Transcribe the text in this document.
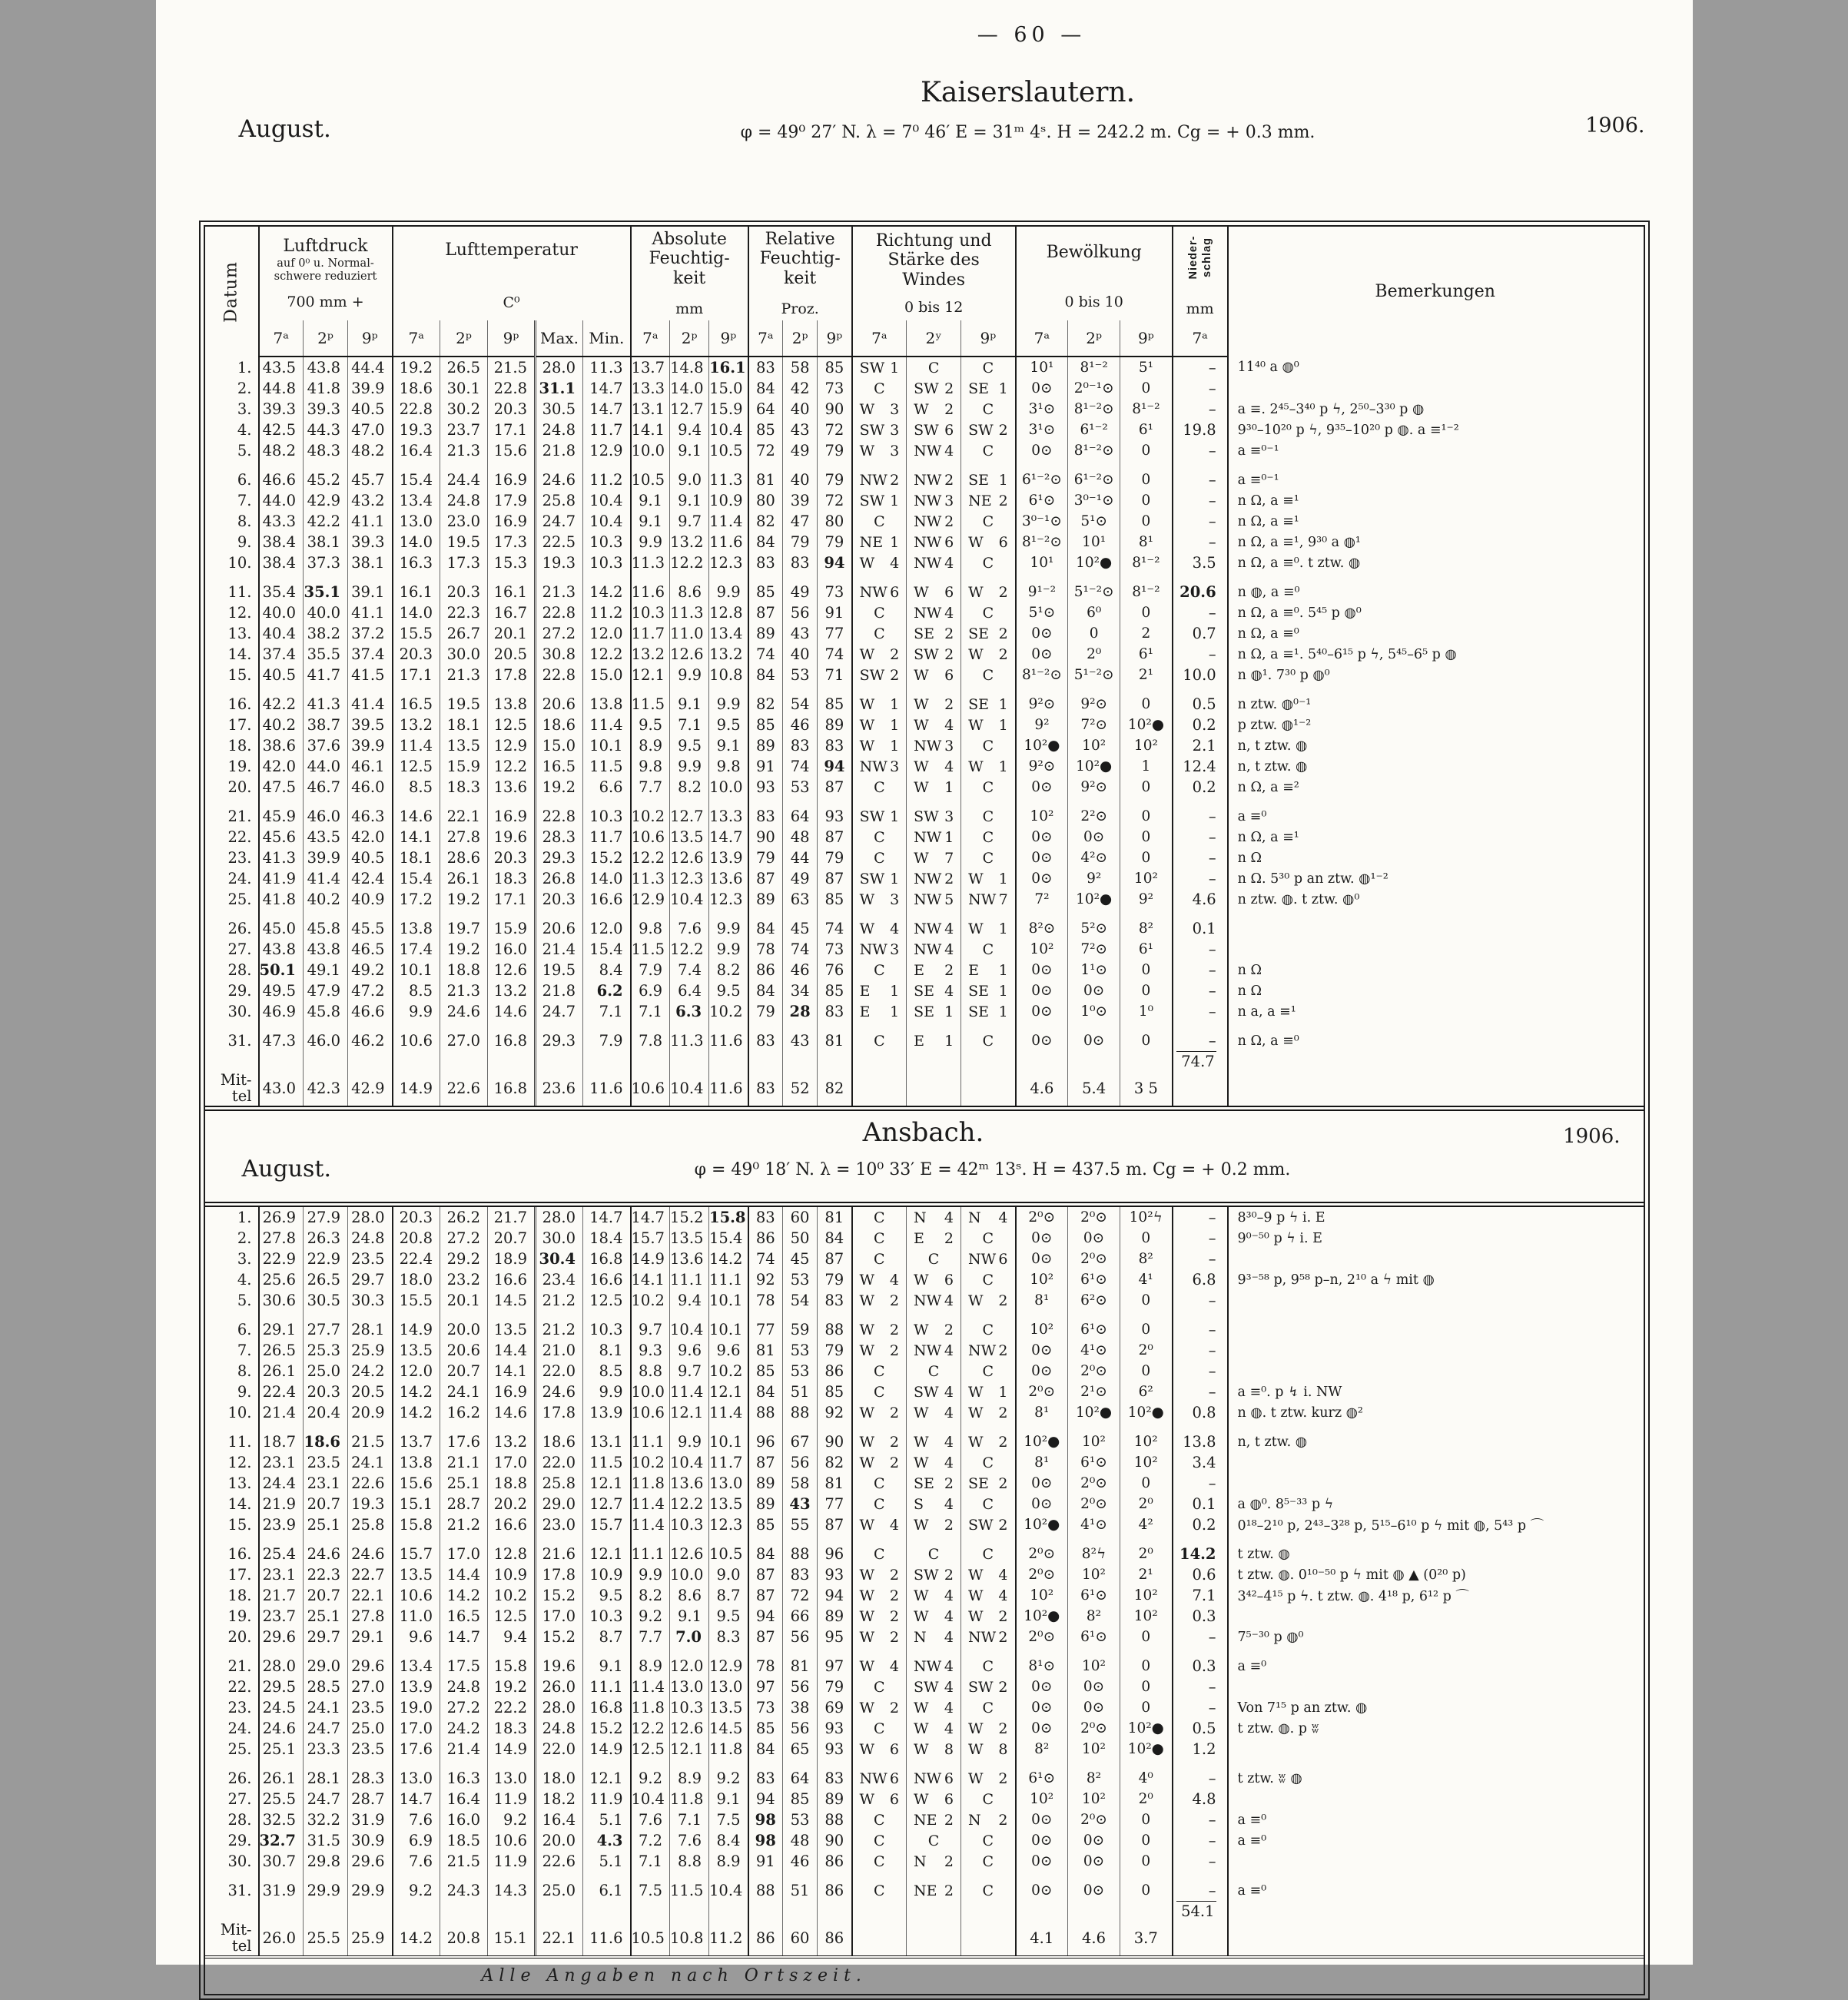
— 60 —
Kaiserslautern.
August.	φ = 49⁰ 27′ N. λ = 7⁰ 46′ E = 31ᵐ 4ˢ. H = 242.2 m. Cg = + 0.3 mm.	1906.
Datum

Luftdruck
auf 0⁰ u. Normal-schwere reduziert
700 mm +

Lufttemperatur
C⁰

Absolute Feuchtig- keit
mm

Relative Feuchtig- keit
Proz.

Richtung und Stärke des Windes
0 bis 12

Bewölkung
0 bis 10

Nieder- schlag
mm

Bemerkungen

	7ᵃ	2ᵖ	9ᵖ	7ᵃ	2ᵖ	9ᵖ	Max.	Min.	7ᵃ	2ᵖ	9ᵖ	7ᵃ	2ᵖ	9ᵖ	7ᵃ	2ʸ	9ᵖ	7ᵃ	2ᵖ	9ᵖ	7ᵃ	
1.	43.5	43.8	44.4	19.2	26.5	21.5	28.0	11.3	13.7	14.8	16.1	83	58	85	SW 1	C	C	10¹	8¹⁻²	5¹	–	11⁴⁰ a ◍⁰
2.	44.8	41.8	39.9	18.6	30.1	22.8	31.1	14.7	13.3	14.0	15.0	84	42	73	C	SW 2	SE 1	0⊙	2⁰⁻¹⊙	0	–	
3.	39.3	39.3	40.5	22.8	30.2	20.3	30.5	14.7	13.1	12.7	15.9	64	40	90	W 3	W 2	C	3¹⊙	8¹⁻²⊙	8¹⁻²	–	a ≡. 2⁴⁵–3⁴⁰ p ϟ, 2⁵⁰–3³⁰ p ◍
4.	42.5	44.3	47.0	19.3	23.7	17.1	24.8	11.7	14.1	9.4	10.4	85	43	72	SW 3	SW 6	SW 2	3¹⊙	6¹⁻²	6¹	19.8	9³⁰–10²⁰ p ϟ, 9³⁵–10²⁰ p ◍. a ≡¹⁻²
5.	48.2	48.3	48.2	16.4	21.3	15.6	21.8	12.9	10.0	9.1	10.5	72	49	79	W 3	NW 4	C	0⊙	8¹⁻²⊙	0	–	a ≡⁰⁻¹

6.	46.6	45.2	45.7	15.4	24.4	16.9	24.6	11.2	10.5	9.0	11.3	81	40	79	NW 2	NW 2	SE 1	6¹⁻²⊙	6¹⁻²⊙	0	–	a ≡⁰⁻¹
7.	44.0	42.9	43.2	13.4	24.8	17.9	25.8	10.4	9.1	9.1	10.9	80	39	72	SW 1	NW 3	NE 2	6¹⊙	3⁰⁻¹⊙	0	–	n Ω, a ≡¹
8.	43.3	42.2	41.1	13.0	23.0	16.9	24.7	10.4	9.1	9.7	11.4	82	47	80	C	NW 2	C	3⁰⁻¹⊙	5¹⊙	0	–	n Ω, a ≡¹
9.	38.4	38.1	39.3	14.0	19.5	17.3	22.5	10.3	9.9	13.2	11.6	84	79	79	NE 1	NW 6	W 6	8¹⁻²⊙	10¹	8¹	–	n Ω, a ≡¹, 9³⁰ a ◍¹
10.	38.4	37.3	38.1	16.3	17.3	15.3	19.3	10.3	11.3	12.2	12.3	83	83	94	W 4	NW 4	C	10¹	10²●	8¹⁻²	3.5	n Ω, a ≡⁰. t ztw. ◍

11.	35.4	35.1	39.1	16.1	20.3	16.1	21.3	14.2	11.6	8.6	9.9	85	49	73	NW 6	W 6	W 2	9¹⁻²	5¹⁻²⊙	8¹⁻²	20.6	n ◍, a ≡⁰
12.	40.0	40.0	41.1	14.0	22.3	16.7	22.8	11.2	10.3	11.3	12.8	87	56	91	C	NW 4	C	5¹⊙	6⁰	0	–	n Ω, a ≡⁰. 5⁴⁵ p ◍⁰
13.	40.4	38.2	37.2	15.5	26.7	20.1	27.2	12.0	11.7	11.0	13.4	89	43	77	C	SE 2	SE 2	0⊙	0	2	0.7	n Ω, a ≡⁰
14.	37.4	35.5	37.4	20.3	30.0	20.5	30.8	12.2	13.2	12.6	13.2	74	40	74	W 2	SW 2	W 2	0⊙	2⁰	6¹	–	n Ω, a ≡¹. 5⁴⁰–6¹⁵ p ϟ, 5⁴⁵–6⁵ p ◍
15.	40.5	41.7	41.5	17.1	21.3	17.8	22.8	15.0	12.1	9.9	10.8	84	53	71	SW 2	W 6	C	8¹⁻²⊙	5¹⁻²⊙	2¹	10.0	n ◍¹. 7³⁰ p ◍⁰

16.	42.2	41.3	41.4	16.5	19.5	13.8	20.6	13.8	11.5	9.1	9.9	82	54	85	W 1	W 2	SE 1	9²⊙	9²⊙	0	0.5	n ztw. ◍⁰⁻¹
17.	40.2	38.7	39.5	13.2	18.1	12.5	18.6	11.4	9.5	7.1	9.5	85	46	89	W 1	W 4	W 1	9²	7²⊙	10²●	0.2	p ztw. ◍¹⁻²
18.	38.6	37.6	39.9	11.4	13.5	12.9	15.0	10.1	8.9	9.5	9.1	89	83	83	W 1	NW 3	C	10²●	10²	10²	2.1	n, t ztw. ◍
19.	42.0	44.0	46.1	12.5	15.9	12.2	16.5	11.5	9.8	9.9	9.8	91	74	94	NW 3	W 4	W 1	9²⊙	10²●	1	12.4	n, t ztw. ◍
20.	47.5	46.7	46.0	8.5	18.3	13.6	19.2	6.6	7.7	8.2	10.0	93	53	87	C	W 1	C	0⊙	9²⊙	0	0.2	n Ω, a ≡²

21.	45.9	46.0	46.3	14.6	22.1	16.9	22.8	10.3	10.2	12.7	13.3	83	64	93	SW 1	SW 3	C	10²	2²⊙	0	–	a ≡⁰
22.	45.6	43.5	42.0	14.1	27.8	19.6	28.3	11.7	10.6	13.5	14.7	90	48	87	C	NW 1	C	0⊙	0⊙	0	–	n Ω, a ≡¹
23.	41.3	39.9	40.5	18.1	28.6	20.3	29.3	15.2	12.2	12.6	13.9	79	44	79	C	W 7	C	0⊙	4²⊙	0	–	n Ω
24.	41.9	41.4	42.4	15.4	26.1	18.3	26.8	14.0	11.3	12.3	13.6	87	49	87	SW 1	NW 2	W 1	0⊙	9²	10²	–	n Ω. 5³⁰ p an ztw. ◍¹⁻²
25.	41.8	40.2	40.9	17.2	19.2	17.1	20.3	16.6	12.9	10.4	12.3	89	63	85	W 3	NW 5	NW 7	7²	10²●	9²	4.6	n ztw. ◍. t ztw. ◍⁰

26.	45.0	45.8	45.5	13.8	19.7	15.9	20.6	12.0	9.8	7.6	9.9	84	45	74	W 4	NW 4	W 1	8²⊙	5²⊙	8²	0.1	
27.	43.8	43.8	46.5	17.4	19.2	16.0	21.4	15.4	11.5	12.2	9.9	78	74	73	NW 3	NW 4	C	10²	7²⊙	6¹	–	
28.	50.1	49.1	49.2	10.1	18.8	12.6	19.5	8.4	7.9	7.4	8.2	86	46	76	C	E 2	E 1	0⊙	1¹⊙	0	–	n Ω
29.	49.5	47.9	47.2	8.5	21.3	13.2	21.8	6.2	6.9	6.4	9.5	84	34	85	E 1	SE 4	SE 1	0⊙	0⊙	0	–	n Ω
30.	46.9	45.8	46.6	9.9	24.6	14.6	24.7	7.1	7.1	6.3	10.2	79	28	83	E 1	SE 1	SE 1	0⊙	1⁰⊙	1⁰	–	n a, a ≡¹

31.	47.3	46.0	46.2	10.6	27.0	16.8	29.3	7.9	7.8	11.3	11.6	83	43	81	C	E 1	C	0⊙	0⊙	0	–	n Ω, a ≡⁰
																					74.7	

Mit-
tel	43.0	42.3	42.9	14.9	22.6	16.8	23.6	11.6	10.6	10.4	11.6	83	52	82				4.6	5.4	3 5		
Ansbach.
August.	φ = 49⁰ 18′ N. λ = 10⁰ 33′ E = 42ᵐ 13ˢ. H = 437.5 m. Cg = + 0.2 mm.
1906.
1.	26.9	27.9	28.0	20.3	26.2	21.7	28.0	14.7	14.7	15.2	15.8	83	60	81	C	N 4	N 4	2⁰⊙	2⁰⊙	10²ϟ	–	8³⁰–9 p ϟ i. E
2.	27.8	26.3	24.8	20.8	27.2	20.7	30.0	18.4	15.7	13.5	15.4	86	50	84	C	E 2	C	0⊙	0⊙	0	–	9⁰⁻⁵⁰ p ϟ i. E
3.	22.9	22.9	23.5	22.4	29.2	18.9	30.4	16.8	14.9	13.6	14.2	74	45	87	C	C	NW 6	0⊙	2⁰⊙	8²	–	
4.	25.6	26.5	29.7	18.0	23.2	16.6	23.4	16.6	14.1	11.1	11.1	92	53	79	W 4	W 6	C	10²	6¹⊙	4¹	6.8	9³⁻⁵⁸ p, 9⁵⁸ p–n, 2¹⁰ a ϟ mit ◍
5.	30.6	30.5	30.3	15.5	20.1	14.5	21.2	12.5	10.2	9.4	10.1	78	54	83	W 2	NW 4	W 2	8¹	6²⊙	0	–	

6.	29.1	27.7	28.1	14.9	20.0	13.5	21.2	10.3	9.7	10.4	10.1	77	59	88	W 2	W 2	C	10²	6¹⊙	0	–	
7.	26.5	25.3	25.9	13.5	20.6	14.4	21.0	8.1	9.3	9.6	9.6	81	53	79	W 2	NW 4	NW 2	0⊙	4¹⊙	2⁰	–	
8.	26.1	25.0	24.2	12.0	20.7	14.1	22.0	8.5	8.8	9.7	10.2	85	53	86	C	C	C	0⊙	2⁰⊙	0	–	
9.	22.4	20.3	20.5	14.2	24.1	16.9	24.6	9.9	10.0	11.4	12.1	84	51	85	C	SW 4	W 1	2⁰⊙	2¹⊙	6²	–	a ≡⁰. p ↯ i. NW
10.	21.4	20.4	20.9	14.2	16.2	14.6	17.8	13.9	10.6	12.1	11.4	88	88	92	W 2	W 4	W 2	8¹	10²●	10²●	0.8	n ◍. t ztw. kurz ◍²

11.	18.7	18.6	21.5	13.7	17.6	13.2	18.6	13.1	11.1	9.9	10.1	96	67	90	W 2	W 4	W 2	10²●	10²	10²	13.8	n, t ztw. ◍
12.	23.1	23.5	24.1	13.8	21.1	17.0	22.0	11.5	10.2	10.4	11.7	87	56	82	W 2	W 4	C	8¹	6¹⊙	10²	3.4	
13.	24.4	23.1	22.6	15.6	25.1	18.8	25.8	12.1	11.8	13.6	13.0	89	58	81	C	SE 2	SE 2	0⊙	2⁰⊙	0	–	
14.	21.9	20.7	19.3	15.1	28.7	20.2	29.0	12.7	11.4	12.2	13.5	89	43	77	C	S 4	C	0⊙	2⁰⊙	2⁰	0.1	a ◍⁰. 8⁵⁻³³ p ϟ
15.	23.9	25.1	25.8	15.8	21.2	16.6	23.0	15.7	11.4	10.3	12.3	85	55	87	W 4	W 2	SW 2	10²●	4¹⊙	4²	0.2	0¹⁸–2¹⁰ p, 2⁴³–3²⁸ p, 5¹⁵–6¹⁰ p ϟ mit ◍, 5⁴³ p ⌒

16.	25.4	24.6	24.6	15.7	17.0	12.8	21.6	12.1	11.1	12.6	10.5	84	88	96	C	C	C	2⁰⊙	8²ϟ	2⁰	14.2	t ztw. ◍
17.	23.1	22.3	22.7	13.5	14.4	10.9	17.8	10.9	9.9	10.0	9.0	87	83	93	W 2	SW 2	W 4	2⁰⊙	10²	2¹	0.6	t ztw. ◍. 0¹⁰⁻⁵⁰ p ϟ mit ◍ ▲ (0²⁰ p)
18.	21.7	20.7	22.1	10.6	14.2	10.2	15.2	9.5	8.2	8.6	8.7	87	72	94	W 2	W 4	W 4	10²	6¹⊙	10²	7.1	3⁴²–4¹⁵ p ϟ. t ztw. ◍. 4¹⁸ p, 6¹² p ⌒
19.	23.7	25.1	27.8	11.0	16.5	12.5	17.0	10.3	9.2	9.1	9.5	94	66	89	W 2	W 4	W 2	10²●	8²	10²	0.3	
20.	29.6	29.7	29.1	9.6	14.7	9.4	15.2	8.7	7.7	7.0	8.3	87	56	95	W 2	N 4	NW 2	2⁰⊙	6¹⊙	0	–	7⁵⁻³⁰ p ◍⁰

21.	28.0	29.0	29.6	13.4	17.5	15.8	19.6	9.1	8.9	12.0	12.9	78	81	97	W 4	NW 4	C	8¹⊙	10²	0	0.3	a ≡⁰
22.	29.5	28.5	27.0	13.9	24.8	19.2	26.0	11.1	11.4	13.0	13.0	97	56	79	C	SW 4	SW 2	0⊙	0⊙	0	–	
23.	24.5	24.1	23.5	19.0	27.2	22.2	28.0	16.8	11.8	10.3	13.5	73	38	69	W 2	W 4	C	0⊙	0⊙	0	–	Von 7¹⁵ p an ztw. ◍
24.	24.6	24.7	25.0	17.0	24.2	18.3	24.8	15.2	12.2	12.6	14.5	85	56	93	C	W 4	W 2	0⊙	2⁰⊙	10²●	0.5	t ztw. ◍. p ʬ
25.	25.1	23.3	23.5	17.6	21.4	14.9	22.0	14.9	12.5	12.1	11.8	84	65	93	W 6	W 8	W 8	8²	10²	10²●	1.2	

26.	26.1	28.1	28.3	13.0	16.3	13.0	18.0	12.1	9.2	8.9	9.2	83	64	83	NW 6	NW 6	W 2	6¹⊙	8²	4⁰	–	t ztw. ʬ ◍
27.	25.5	24.7	28.7	14.7	16.4	11.9	18.2	11.9	10.4	11.8	9.1	94	85	89	W 6	W 6	C	10²	10²	2⁰	4.8	
28.	32.5	32.2	31.9	7.6	16.0	9.2	16.4	5.1	7.6	7.1	7.5	98	53	88	C	NE 2	N 2	0⊙	2⁰⊙	0	–	a ≡⁰
29.	32.7	31.5	30.9	6.9	18.5	10.6	20.0	4.3	7.2	7.6	8.4	98	48	90	C	C	C	0⊙	0⊙	0	–	a ≡⁰
30.	30.7	29.8	29.6	7.6	21.5	11.9	22.6	5.1	7.1	8.8	8.9	91	46	86	C	N 2	C	0⊙	0⊙	0	–	

31.	31.9	29.9	29.9	9.2	24.3	14.3	25.0	6.1	7.5	11.5	10.4	88	51	86	C	NE 2	C	0⊙	0⊙	0	–	a ≡⁰
																					54.1	

Mit-
tel	26.0	25.5	25.9	14.2	20.8	15.1	22.1	11.6	10.5	10.8	11.2	86	60	86				4.1	4.6	3.7		
Alle Angaben nach Ortszeit.
